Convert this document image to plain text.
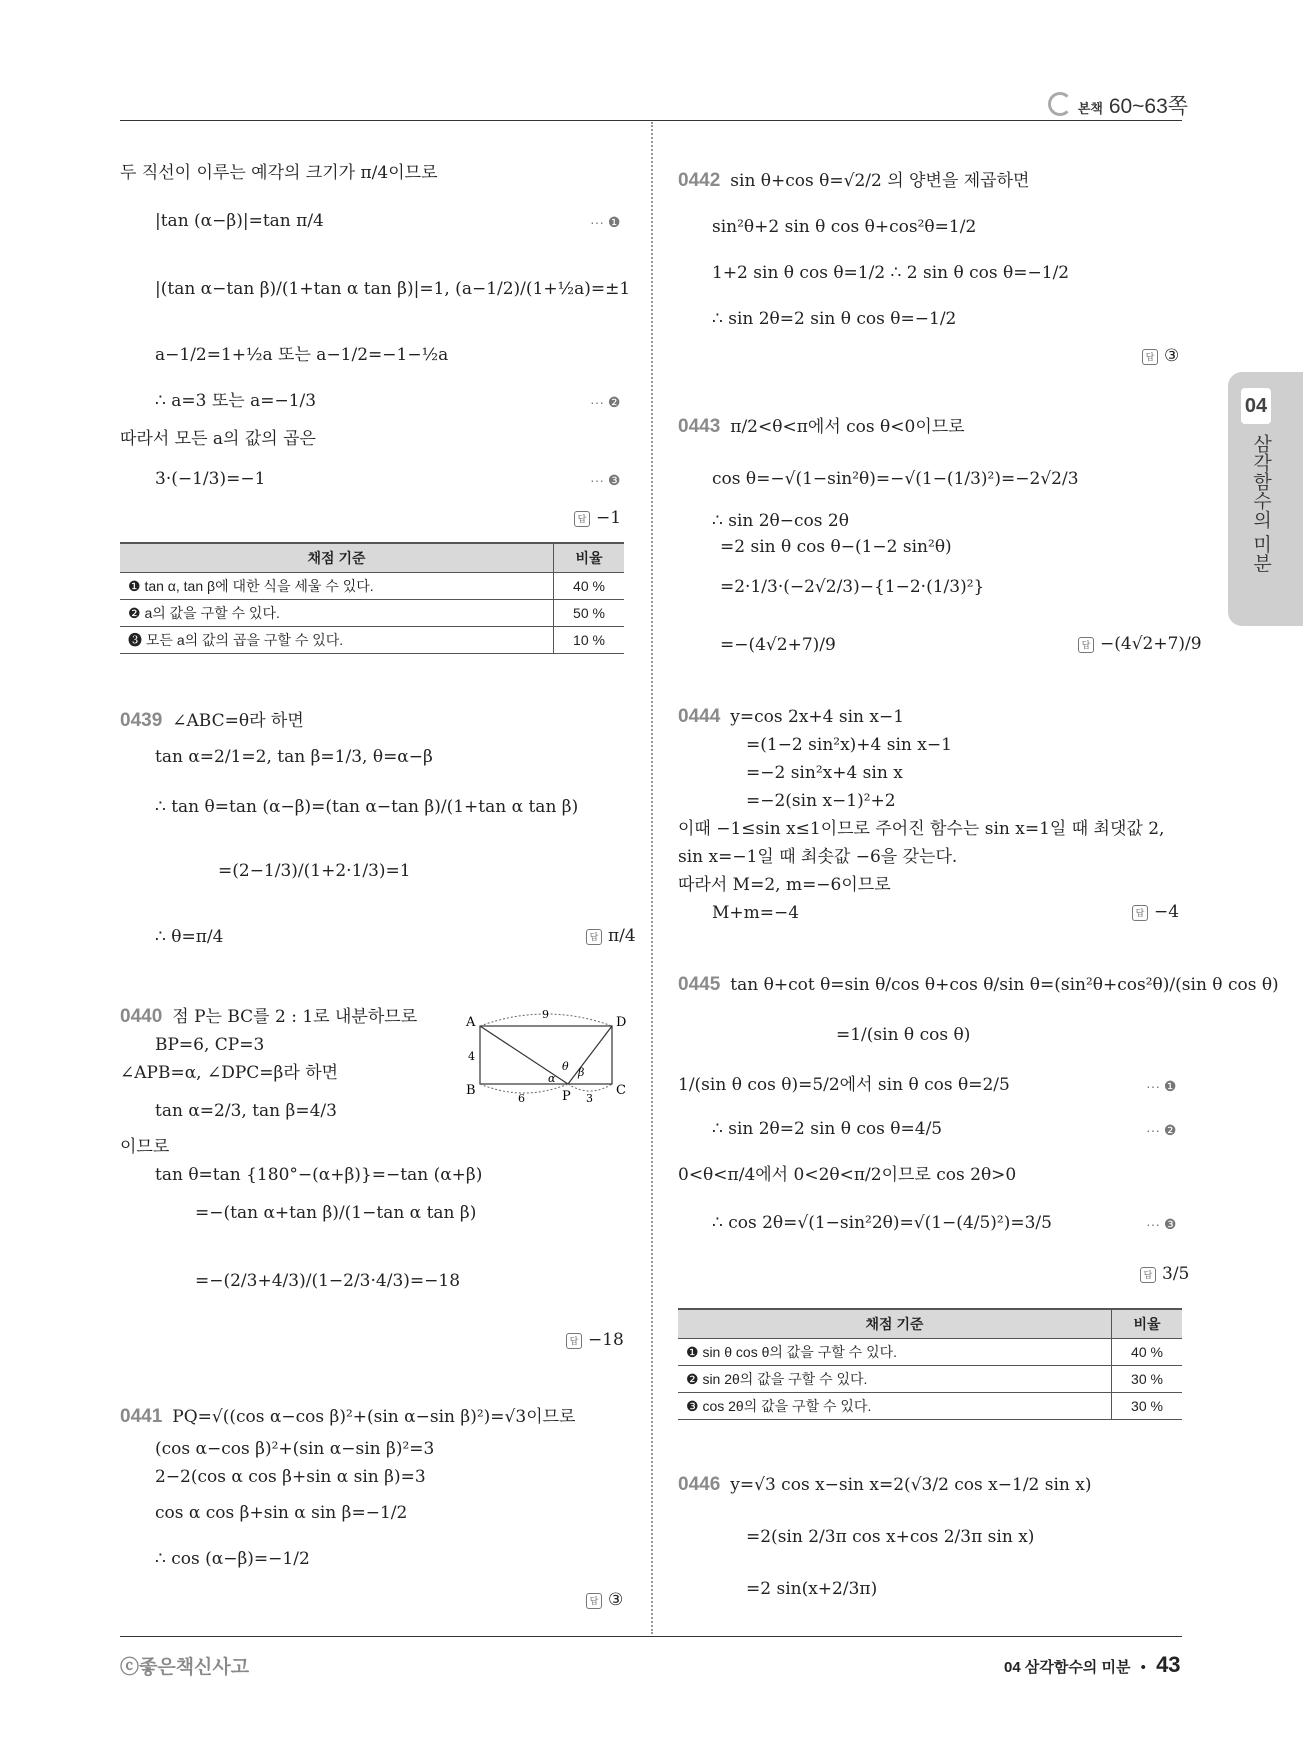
본책 60~63쪽
04
삼각함수의 미분
두 직선이 이루는 예각의 크기가 π/4이므로
|tan (α−β)|=tan π/4	··· ❶
|(tan α−tan β)/(1+tan α tan β)|=1, (a−1/2)/(1+½a)=±1
a−1/2=1+½a 또는 a−1/2=−1−½a
∴ a=3 또는 a=−1/3	··· ❷
따라서 모든 a의 값의 곱은
3·(−1/3)=−1	··· ❸
답 −1
채점 기준	비율
❶ tan α, tan β에 대한 식을 세울 수 있다.	40 %
❷ a의 값을 구할 수 있다.	50 %
❸ 모든 a의 값의 곱을 구할 수 있다.	10 %
0439 ∠ABC=θ라 하면
tan α=2/1=2, tan β=1/3, θ=α−β
∴ tan θ=tan (α−β)=(tan α−tan β)/(1+tan α tan β)
=(2−1/3)/(1+2·1/3)=1
∴ θ=π/4	답 π/4
0440 점 P는 BC를 2 : 1로 내분하므로
BP=6, CP=3
∠APB=α, ∠DPC=β라 하면
tan α=2/3, tan β=4/3
이므로
tan θ=tan {180°−(α+β)}=−tan (α+β)
=−(tan α+tan β)/(1−tan α tan β)
=−(2/3+4/3)/(1−2/3·4/3)=−18
답 −18
A	D
B	C
P
9
4
6	3
α β
θ
0441 PQ=√((cos α−cos β)²+(sin α−sin β)²)=√3이므로
(cos α−cos β)²+(sin α−sin β)²=3
2−2(cos α cos β+sin α sin β)=3
cos α cos β+sin α sin β=−1/2
∴ cos (α−β)=−1/2
답 ③
0442 sin θ+cos θ=√2/2 의 양변을 제곱하면
sin²θ+2 sin θ cos θ+cos²θ=1/2
1+2 sin θ cos θ=1/2 ∴ 2 sin θ cos θ=−1/2
∴ sin 2θ=2 sin θ cos θ=−1/2
답 ③
0443 π/2<θ<π에서 cos θ<0이므로
cos θ=−√(1−sin²θ)=−√(1−(1/3)²)=−2√2/3
∴ sin 2θ−cos 2θ
=2 sin θ cos θ−(1−2 sin²θ)
=2·1/3·(−2√2/3)−{1−2·(1/3)²}
=−(4√2+7)/9	답 −(4√2+7)/9
0444 y=cos 2x+4 sin x−1
=(1−2 sin²x)+4 sin x−1
=−2 sin²x+4 sin x
=−2(sin x−1)²+2
이때 −1≤sin x≤1이므로 주어진 함수는 sin x=1일 때 최댓값 2,
sin x=−1일 때 최솟값 −6을 갖는다.
따라서 M=2, m=−6이므로
M+m=−4	답 −4
0445 tan θ+cot θ=sin θ/cos θ+cos θ/sin θ=(sin²θ+cos²θ)/(sin θ cos θ)
=1/(sin θ cos θ)
1/(sin θ cos θ)=5/2에서 sin θ cos θ=2/5	··· ❶
∴ sin 2θ=2 sin θ cos θ=4/5	··· ❷
0<θ<π/4에서 0<2θ<π/2이므로 cos 2θ>0
∴ cos 2θ=√(1−sin²2θ)=√(1−(4/5)²)=3/5	··· ❸
답 3/5
채점 기준	비율
❶ sin θ cos θ의 값을 구할 수 있다.	40 %
❷ sin 2θ의 값을 구할 수 있다.	30 %
❸ cos 2θ의 값을 구할 수 있다.	30 %
0446 y=√3 cos x−sin x=2(√3/2 cos x−1/2 sin x)
=2(sin 2/3π cos x+cos 2/3π sin x)
=2 sin(x+2/3π)
ⓒ좋은책신사고	04 삼각함수의 미분 • 43
